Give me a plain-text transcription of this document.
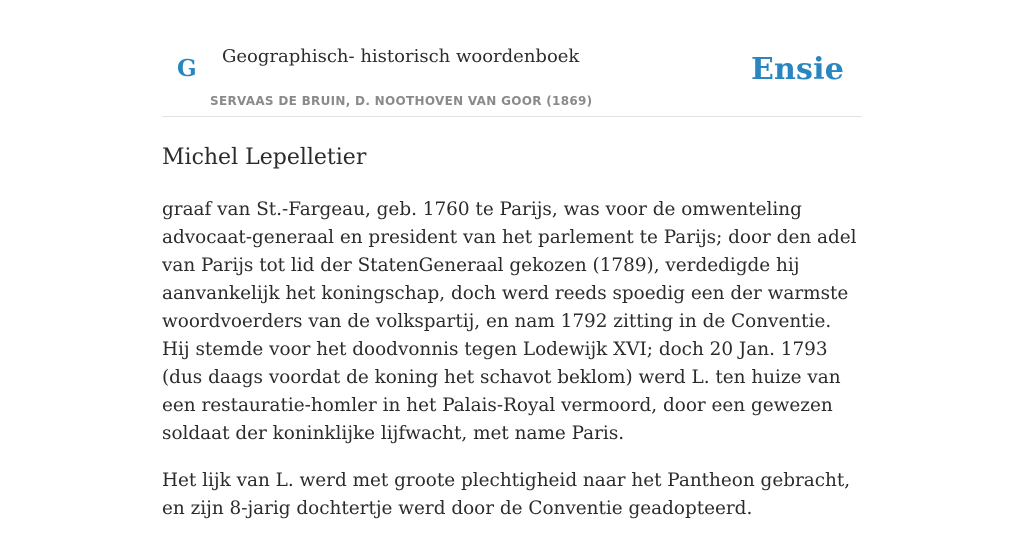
G Geographisch- historisch woordenboek
SERVAAS DE BRUIN, D. NOOTHOVEN VAN GOOR (1869)
Ensie
Michel Lepelletier

graaf van St.-Fargeau, geb. 1760 te Parijs, was voor de omwenteling advocaat-generaal en president van het parlement te Parijs; door den adel van Parijs tot lid der StatenGeneraal gekozen (1789), verdedigde hij aanvankelijk het koningschap, doch werd reeds spoedig een der warmste woordvoerders van de volkspartij, en nam 1792 zitting in de Conventie. Hij stemde voor het doodvonnis tegen Lodewijk XVI; doch 20 Jan. 1793 (dus daags voordat de koning het schavot beklom) werd L. ten huize van een restauratie-homler in het Palais-Royal vermoord, door een gewezen soldaat der koninklijke lijfwacht, met name Paris.

Het lijk van L. werd met groote plechtigheid naar het Pantheon gebracht, en zijn 8-jarig dochtertje werd door de Conventie geadopteerd.
